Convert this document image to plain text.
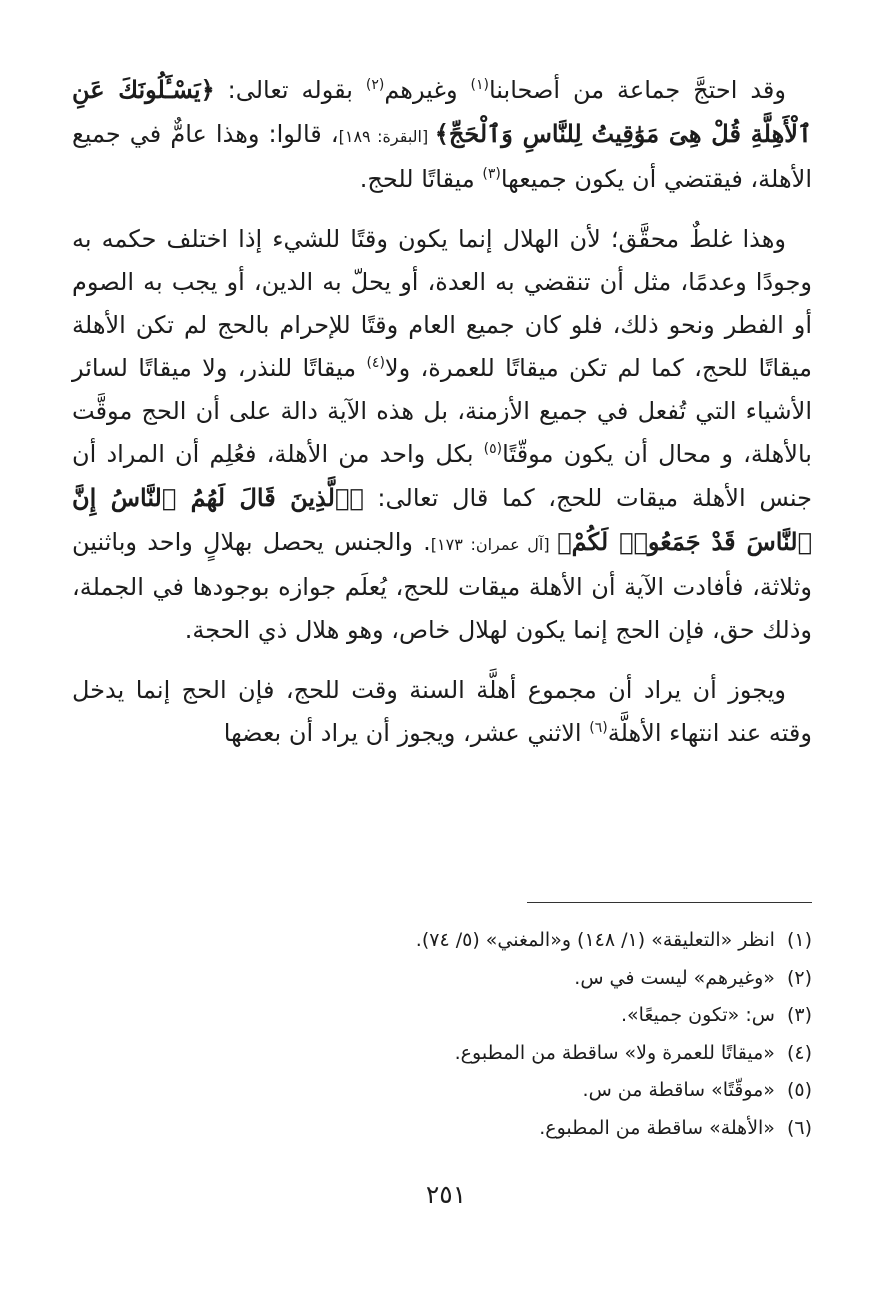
وقد احتجَّ جماعة من أصحابنا$^{(١)}$ وغيرهم$^{(٢)}$ بقوله تعالى: ﴿يَسْـَٔلُونَكَ عَنِ ٱلْأَهِلَّةِ قُلْ هِىَ مَوَٰقِيتُ لِلنَّاسِ وَٱلْحَجِّ﴾ [البقرة: ١٨٩]، قالوا: وهذا عامٌّ في جميع الأهلة، فيقتضي أن يكون جميعها$^{(٣)}$ ميقاتًا للحج.

وهذا غلطٌ محقَّق؛ لأن الهلال إنما يكون وقتًا للشيء إذا اختلف حكمه به وجودًا وعدمًا، مثل أن تنقضي به العدة، أو يحلّ به الدين، أو يجب به الصوم أو الفطر ونحو ذلك، فلو كان جميع العام وقتًا للإحرام بالحج لم تكن الأهلة ميقاتًا للحج، كما لم تكن ميقاتًا للعمرة، ولا$^{(٤)}$ ميقاتًا للنذر، ولا ميقاتًا لسائر الأشياء التي تُفعل في جميع الأزمنة، بل هذه الآية دالة على أن الحج موقَّت بالأهلة، و محال أن يكون موقّتًا$^{(٥)}$ بكل واحد من الأهلة، فعُلِم أن المراد أن جنس الأهلة ميقات للحج، كما قال تعالى: ﴿ٱلَّذِينَ قَالَ لَهُمُ ٱلنَّاسُ إِنَّ ٱلنَّاسَ قَدْ جَمَعُوا۟ لَكُمْ﴾ [آل عمران: ١٧٣]. والجنس يحصل بهلالٍ واحد وباثنين وثلاثة، فأفادت الآية أن الأهلة ميقات للحج، يُعلَم جوازه بوجودها في الجملة، وذلك حق، فإن الحج إنما يكون لهلال خاص، وهو هلال ذي الحجة.

ويجوز أن يراد أن مجموع أهلَّة السنة وقت للحج، فإن الحج إنما يدخل وقته عند انتهاء الأهلَّة$^{(٦)}$ الاثني عشر، ويجوز أن يراد أن بعضها

(١)انظر «التعليقة» (١/ ١٤٨) و«المغني» (٥/ ٧٤).
(٢)«وغيرهم» ليست في س.
(٣)س: «تكون جميعًا».
(٤)«ميقاتًا للعمرة ولا» ساقطة من المطبوع.
(٥)«موقّتًا» ساقطة من س.
(٦)«الأهلة» ساقطة من المطبوع.
٢٥١
